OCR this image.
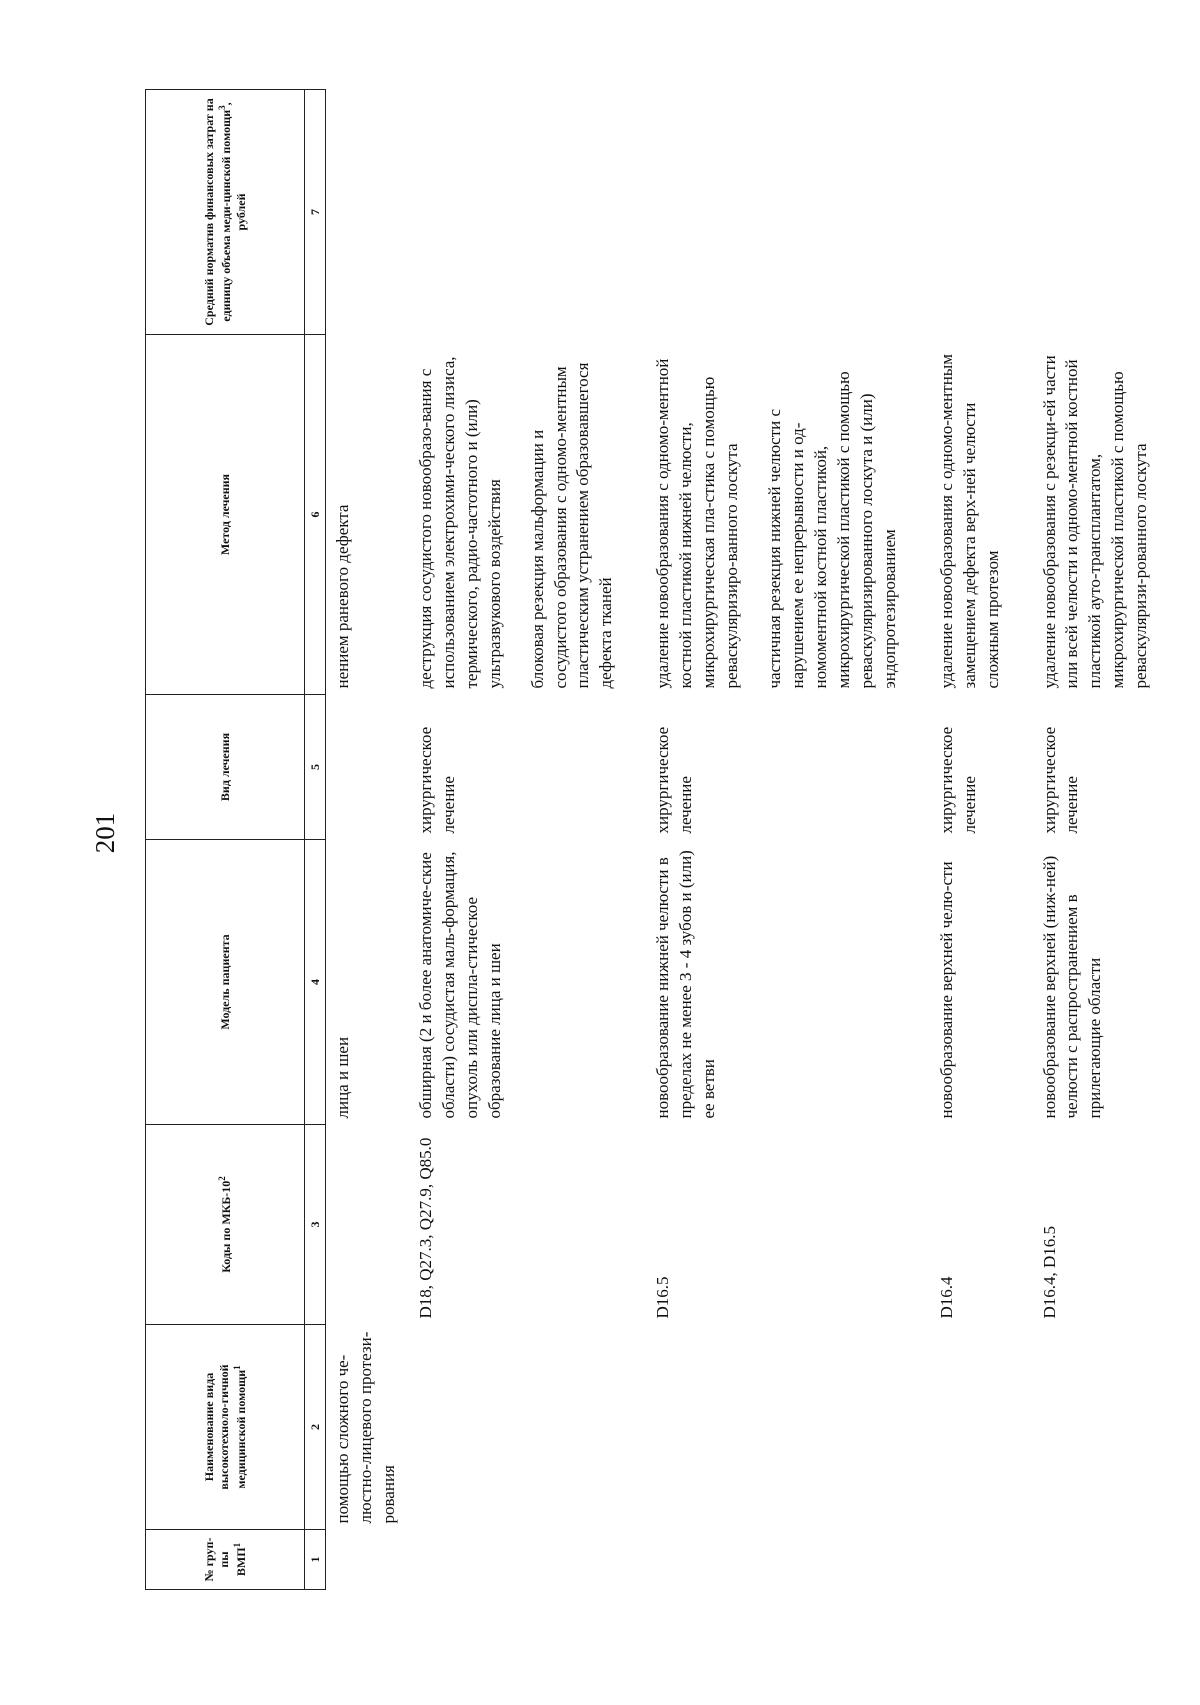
201
№ груп-пы ВМП$^1$	Наименование вида высокотехноло-гичной медицинской помощи$^1$	Коды по МКБ-$10^2$	Модель пациента	Вид лечения	Метод лечения	Средний норматив финансовых затрат на единицу объема меди-цинской помощи$^3$, рублей
1	2	3	4	5	6	7
	помощью сложного че-люстно-лицевого протези-рования		лица и шеи		нением раневого дефекта	

		D18, Q27.3, Q27.9, Q85.0	обширная (2 и более анатомиче-ские области) сосудистая маль-формация, опухоль или диспла-стическое образование лица и шеи	хирургическое лечение	деструкция сосудистого новообразо-вания с использованием электрохими-ческого лизиса, термического, радио-частотного и (или) ультразвукового воздействия блоковая резекция мальформации и сосудистого образования с одномо-ментным пластическим устранением образовавшегося дефекта тканей	

		D16.5	новообразование нижней челюсти в пределах не менее 3 - 4 зубов и (или) ее ветви	хирургическое лечение	удаление новообразования с одномо-ментной костной пластикой нижней челюсти, микрохирургическая пла-стика с помощью реваскуляризиро-ванного лоскута частичная резекция нижней челюсти с нарушением ее непрерывности и од-номоментной костной пластикой, микрохирургической пластикой с помощью реваскуляризированного лоскута и (или) эндопротезированием	

		D16.4	новообразование верхней челю-сти	хирургическое лечение	удаление новообразования с одномо-ментным замещением дефекта верх-ней челюсти сложным протезом	

		D16.4, D16.5	новообразование верхней (ниж-ней) челюсти с распространением в прилегающие области	хирургическое лечение	удаление новообразования с резекци-ей части или всей челюсти и одномо-ментной костной пластикой ауто-трансплантатом, микрохирургической пластикой с помощью реваскуляризи-рованного лоскута	
